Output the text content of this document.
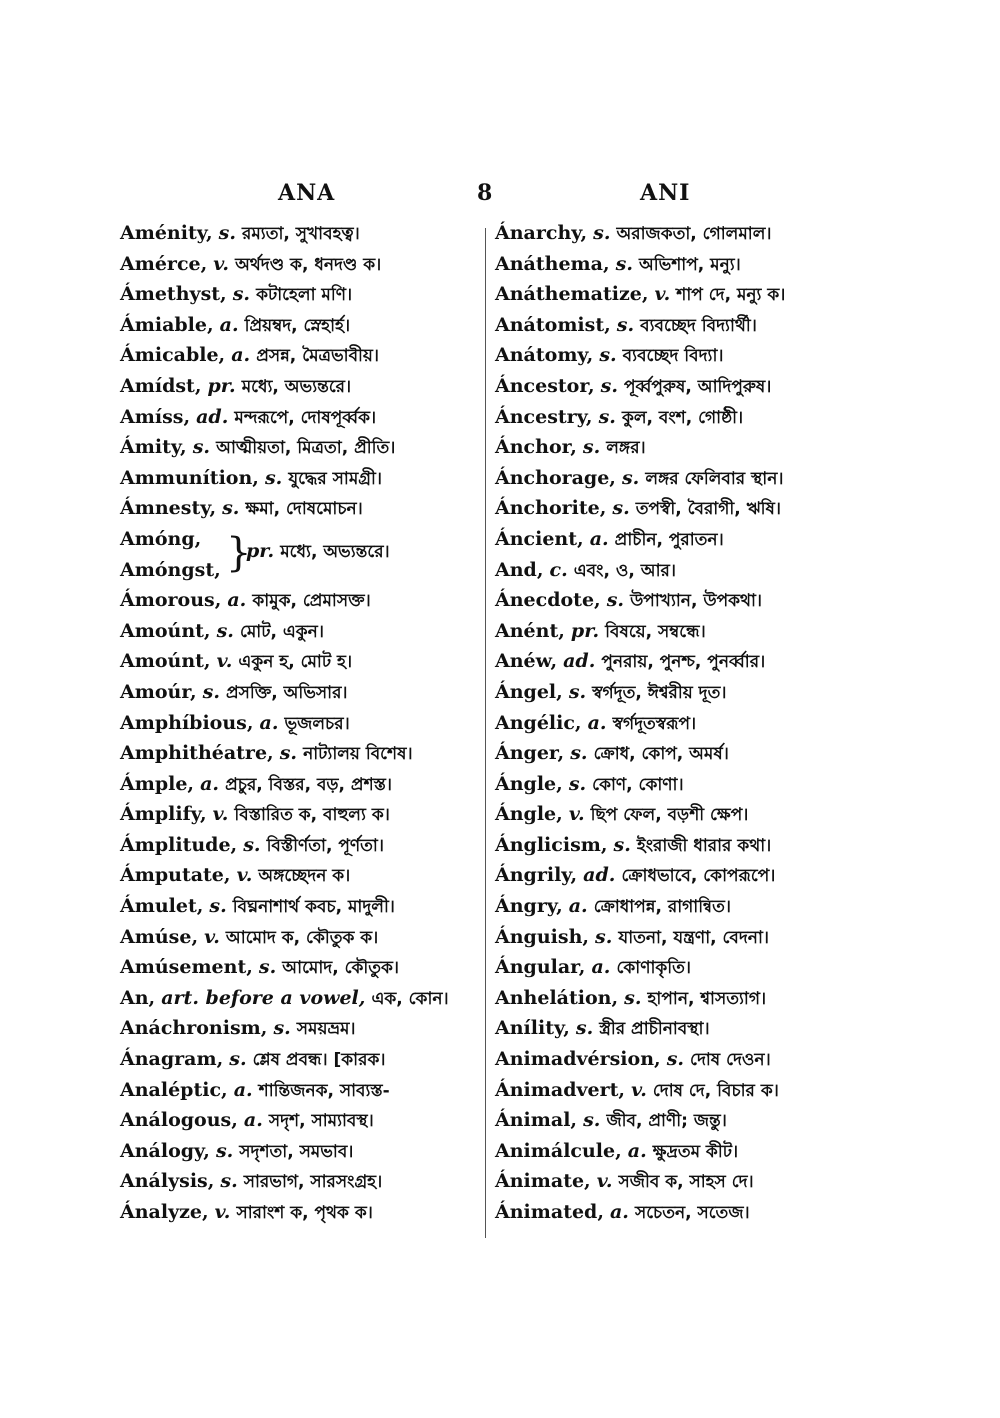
ANA	8	ANI
Aménity, s. রম্যতা, সুখাবহত্ব।
Amérce, v. অর্থদণ্ড ক, ধনদণ্ড ক।
Ámethyst, s. কটাহেলা মণি।
Ámiable, a. প্রিয়ম্বদ, স্নেহার্হ।
Ámicable, a. প্রসন্ন, মৈত্রভাবীয়।
Amídst, pr. মধ্যে, অভ্যন্তরে।
Amíss, ad. মন্দরূপে, দোষপূর্ব্বক।
Ámity, s. আত্মীয়তা, মিত্রতা, প্রীতি।
Ammunítion, s. যুদ্ধের সামগ্রী।
Ámnesty, s. ক্ষমা, দোষমোচন।
Amóng,
Amóngst, }
pr. মধ্যে, অভ্যন্তরে।
Ámorous, a. কামুক, প্রেমাসক্ত।
Amoúnt, s. মোট, একুন।
Amoúnt, v. একুন হ, মোট হ।
Amoúr, s. প্রসক্তি, অভিসার।
Amphíbious, a. ভূজলচর।
Amphithéatre, s. নাট্যালয় বিশেষ।
Ámple, a. প্রচুর, বিস্তর, বড়, প্রশস্ত।
Ámplify, v. বিস্তারিত ক, বাহুল্য ক।
Ámplitude, s. বিস্তীর্ণতা, পূর্ণতা।
Ámputate, v. অঙ্গচ্ছেদন ক।
Ámulet, s. বিঘ্ননাশার্থ কবচ, মাদুলী।
Amúse, v. আমোদ ক, কৌতুক ক।
Amúsement, s. আমোদ, কৌতুক।
An, art. before a vowel, এক, কোন।
Anáchronism, s. সময়ভ্রম।
Ánagram, s. শ্লেষ প্রবন্ধ। [কারক।
Analéptic, a. শান্তিজনক, সাব্যস্ত-
Análogous, a. সদৃশ, সাম্যাবস্থ।
Análogy, s. সদৃশতা, সমভাব।
Análysis, s. সারভাগ, সারসংগ্রহ।
Ánalyze, v. সারাংশ ক, পৃথক ক।
Ánarchy, s. অরাজকতা, গোলমাল।
Anáthema, s. অভিশাপ, মন্যু।
Anáthematize, v. শাপ দে, মন্যু ক।
Anátomist, s. ব্যবচ্ছেদ বিদ্যার্থী।
Anátomy, s. ব্যবচ্ছেদ বিদ্যা।
Áncestor, s. পূর্ব্বপুরুষ, আদিপুরুষ।
Áncestry, s. কুল, বংশ, গোষ্ঠী।
Ánchor, s. লঙ্গর।
Ánchorage, s. লঙ্গর ফেলিবার স্থান।
Ánchorite, s. তপস্বী, বৈরাগী, ঋষি।
Áncient, a. প্রাচীন, পুরাতন।
And, c. এবং, ও, আর।
Ánecdote, s. উপাখ্যান, উপকথা।
Anént, pr. বিষয়ে, সম্বন্ধে।
Anéw, ad. পুনরায়, পুনশ্চ, পুনর্ব্বার।
Ángel, s. স্বর্গদূত, ঈশ্বরীয় দূত।
Angélic, a. স্বর্গদূতস্বরূপ।
Ánger, s. ক্রোধ, কোপ, অমর্ষ।
Ángle, s. কোণ, কোণা।
Ángle, v. ছিপ ফেল, বড়শী ক্ষেপ।
Ánglicism, s. ইংরাজী ধারার কথা।
Ángrily, ad. ক্রোধভাবে, কোপরূপে।
Ángry, a. ক্রোধাপন্ন, রাগান্বিত।
Ánguish, s. যাতনা, যন্ত্রণা, বেদনা।
Ángular, a. কোণাকৃতি।
Anhelátion, s. হাপান, শ্বাসত্যাগ।
Anílity, s. স্ত্রীর প্রাচীনাবস্থা।
Animadvérsion, s. দোষ দেওন।
Ánimadvert, v. দোষ দে, বিচার ক।
Ánimal, s. জীব, প্রাণী; জন্তু।
Animálcule, a. ক্ষুদ্রতম কীট।
Ánimate, v. সজীব ক, সাহস দে।
Ánimated, a. সচেতন, সতেজ।
